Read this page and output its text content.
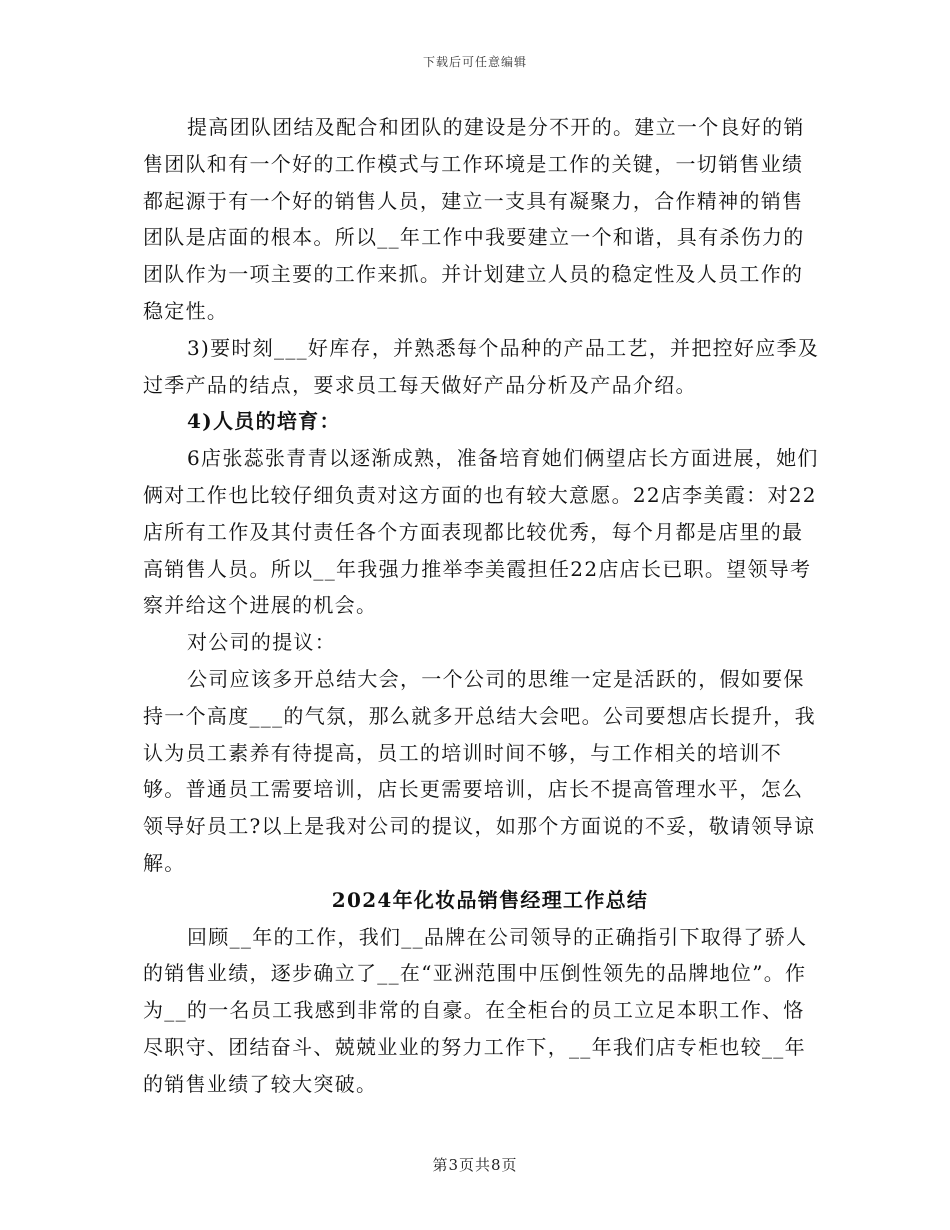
下载后可任意编辑

提高团队团结及配合和团队的建设是分不开的。建立一个良好的销售团队和有一个好的工作模式与工作环境是工作的关键，一切销售业绩都起源于有一个好的销售人员，建立一支具有凝聚力，合作精神的销售团队是店面的根本。所以__年工作中我要建立一个和谐，具有杀伤力的团队作为一项主要的工作来抓。并计划建立人员的稳定性及人员工作的稳定性。

3)要时刻___好库存，并熟悉每个品种的产品工艺，并把控好应季及过季产品的结点，要求员工每天做好产品分析及产品介绍。

4)人员的培育：

6店张蕊张青青以逐渐成熟，准备培育她们俩望店长方面进展，她们俩对工作也比较仔细负责对这方面的也有较大意愿。22店李美霞：对22店所有工作及其付责任各个方面表现都比较优秀，每个月都是店里的最高销售人员。所以__年我强力推举李美霞担任22店店长已职。望领导考察并给这个进展的机会。

对公司的提议：

公司应该多开总结大会，一个公司的思维一定是活跃的，假如要保持一个高度___的气氛，那么就多开总结大会吧。公司要想店长提升，我认为员工素养有待提高，员工的培训时间不够，与工作相关的培训不够。普通员工需要培训，店长更需要培训，店长不提高管理水平，怎么领导好员工?以上是我对公司的提议，如那个方面说的不妥，敬请领导谅解。

2024年化妆品销售经理工作总结

回顾__年的工作，我们__品牌在公司领导的正确指引下取得了骄人的销售业绩，逐步确立了__在“亚洲范围中压倒性领先的品牌地位”。作为__的一名员工我感到非常的自豪。在全柜台的员工立足本职工作、恪尽职守、团结奋斗、兢兢业业的努力工作下，__年我们店专柜也较__年的销售业绩了较大突破。

第3页共8页
